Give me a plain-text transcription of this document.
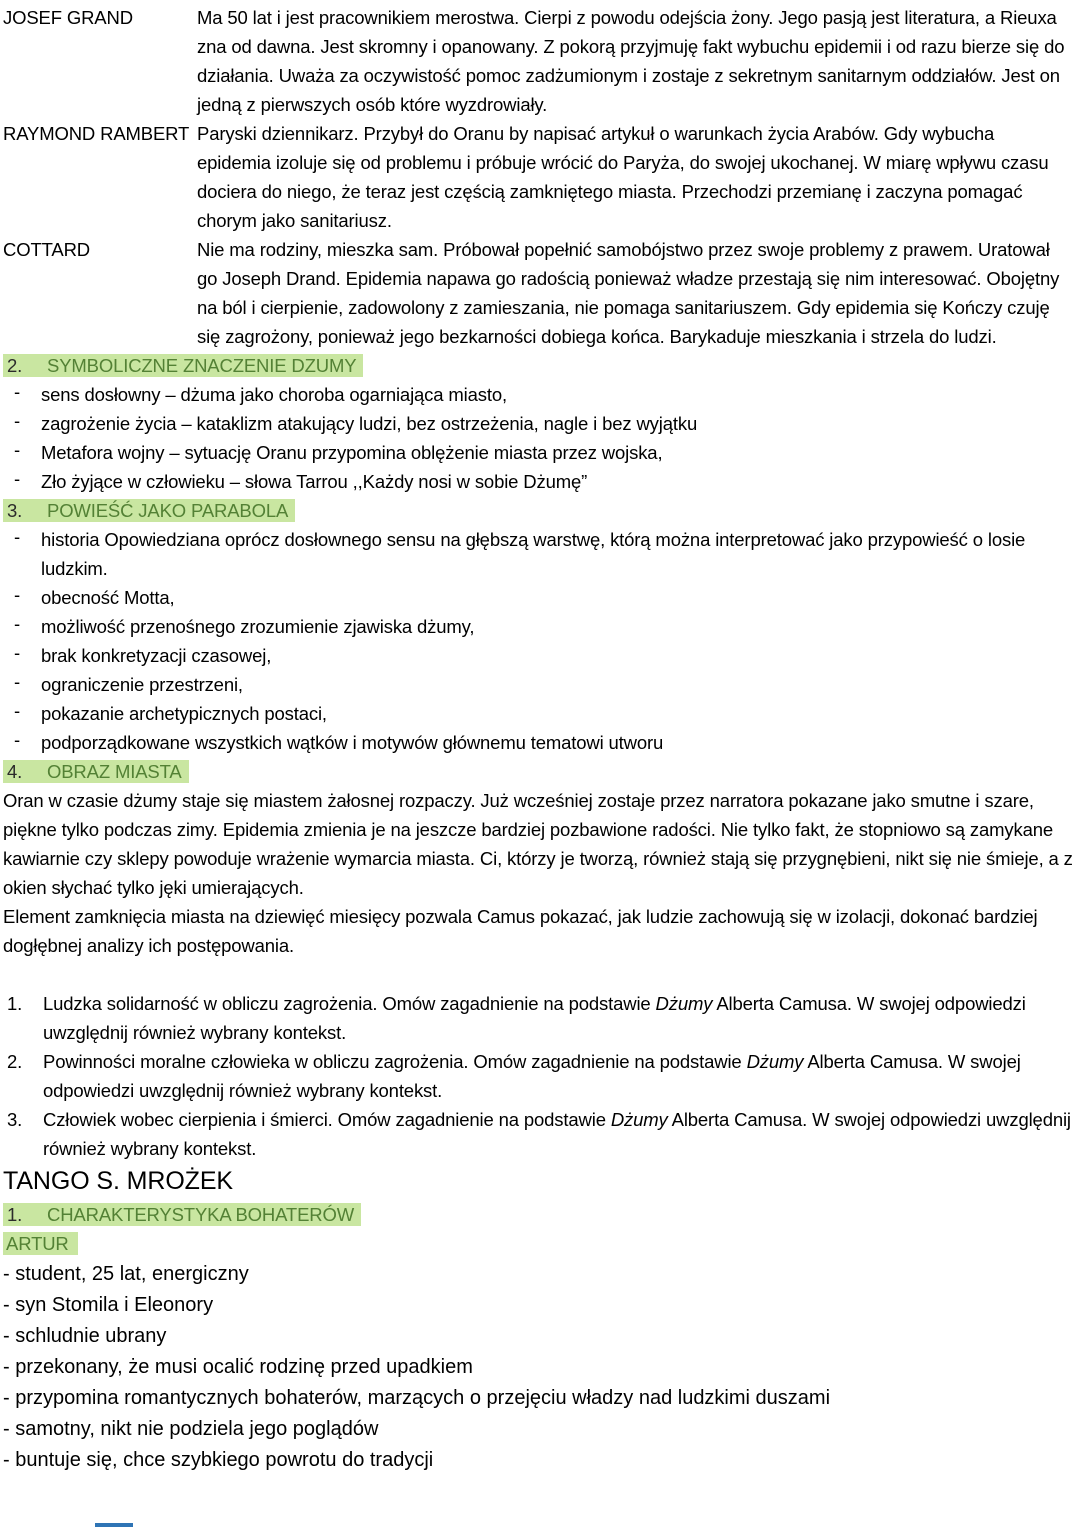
JOSEF GRAND	Ma 50 lat i jest pracownikiem merostwa. Cierpi z powodu odejścia żony. Jego pasją jest literatura, a Rieuxa zna od dawna. Jest skromny i opanowany. Z pokorą przyjmuję fakt wybuchu epidemii i od razu bierze się do działania. Uważa za oczywistość pomoc zadżumionym i zostaje z sekretnym sanitarnym oddziałów. Jest on jedną z pierwszych osób które wyzdrowiały.
RAYMOND RAMBERT Paryski dziennikarz. Przybył do Oranu by napisać artykuł o warunkach życia Arabów. Gdy wybucha epidemia izoluje się od problemu i próbuje wrócić do Paryża, do swojej ukochanej. W miarę wpływu czasu dociera do niego, że teraz jest częścią zamkniętego miasta. Przechodzi przemianę i zaczyna pomagać chorym jako sanitariusz.
COTTARD	Nie ma rodziny, mieszka sam. Próbował popełnić samobójstwo przez swoje problemy z prawem. Uratował go Joseph Drand. Epidemia napawa go radością ponieważ władze przestają się nim interesować. Obojętny na ból i cierpienie, zadowolony z zamieszania, nie pomaga sanitariuszem. Gdy epidemia się Kończy czuję się zagrożony, ponieważ jego bezkarności dobiega końca. Barykaduje mieszkania i strzela do ludzi.
2. SYMBOLICZNE ZNACZENIE DZUMY
- sens dosłowny – dżuma jako choroba ogarniająca miasto,
- zagrożenie życia – kataklizm atakujący ludzi, bez ostrzeżenia, nagle i bez wyjątku
- Metafora wojny – sytuację Oranu przypomina oblężenie miasta przez wojska,
- Zło żyjące w człowieku – słowa Tarrou ,,Każdy nosi w sobie Dżumę”
3. POWIEŚĆ JAKO PARABOLA
- historia Opowiedziana oprócz dosłownego sensu na głębszą warstwę, którą można interpretować jako przypowieść o losie ludzkim.
- obecność Motta,
- możliwość przenośnego zrozumienie zjawiska dżumy,
- brak konkretyzacji czasowej,
- ograniczenie przestrzeni,
- pokazanie archetypicznych postaci,
- podporządkowane wszystkich wątków i motywów głównemu tematowi utworu
4. OBRAZ MIASTA
Oran w czasie dżumy staje się miastem żałosnej rozpaczy. Już wcześniej zostaje przez narratora pokazane jako smutne i szare, piękne tylko podczas zimy. Epidemia zmienia je na jeszcze bardziej pozbawione radości. Nie tylko fakt, że stopniowo są zamykane kawiarnie czy sklepy powoduje wrażenie wymarcia miasta. Ci, którzy je tworzą, również stają się przygnębieni, nikt się nie śmieje, a z okien słychać tylko jęki umierających.
Element zamknięcia miasta na dziewięć miesięcy pozwala Camus pokazać, jak ludzie zachowują się w izolacji, dokonać bardziej dogłębnej analizy ich postępowania.
1.	Ludzka solidarność w obliczu zagrożenia. Omów zagadnienie na podstawie Dżumy Alberta Camusa. W swojej odpowiedzi uwzględnij również wybrany kontekst.
2.	Powinności moralne człowieka w obliczu zagrożenia. Omów zagadnienie na podstawie Dżumy Alberta Camusa. W swojej odpowiedzi uwzględnij również wybrany kontekst.
3.	Człowiek wobec cierpienia i śmierci. Omów zagadnienie na podstawie Dżumy Alberta Camusa. W swojej odpowiedzi uwzględnij również wybrany kontekst.
TANGO S. MROŻEK
1. CHARAKTERYSTYKA BOHATERÓW
ARTUR
- student, 25 lat, energiczny
- syn Stomila i Eleonory
- schludnie ubrany
- przekonany, że musi ocalić rodzinę przed upadkiem
- przypomina romantycznych bohaterów, marzących o przejęciu władzy nad ludzkimi duszami
- samotny, nikt nie podziela jego poglądów
- buntuje się, chce szybkiego powrotu do tradycji
